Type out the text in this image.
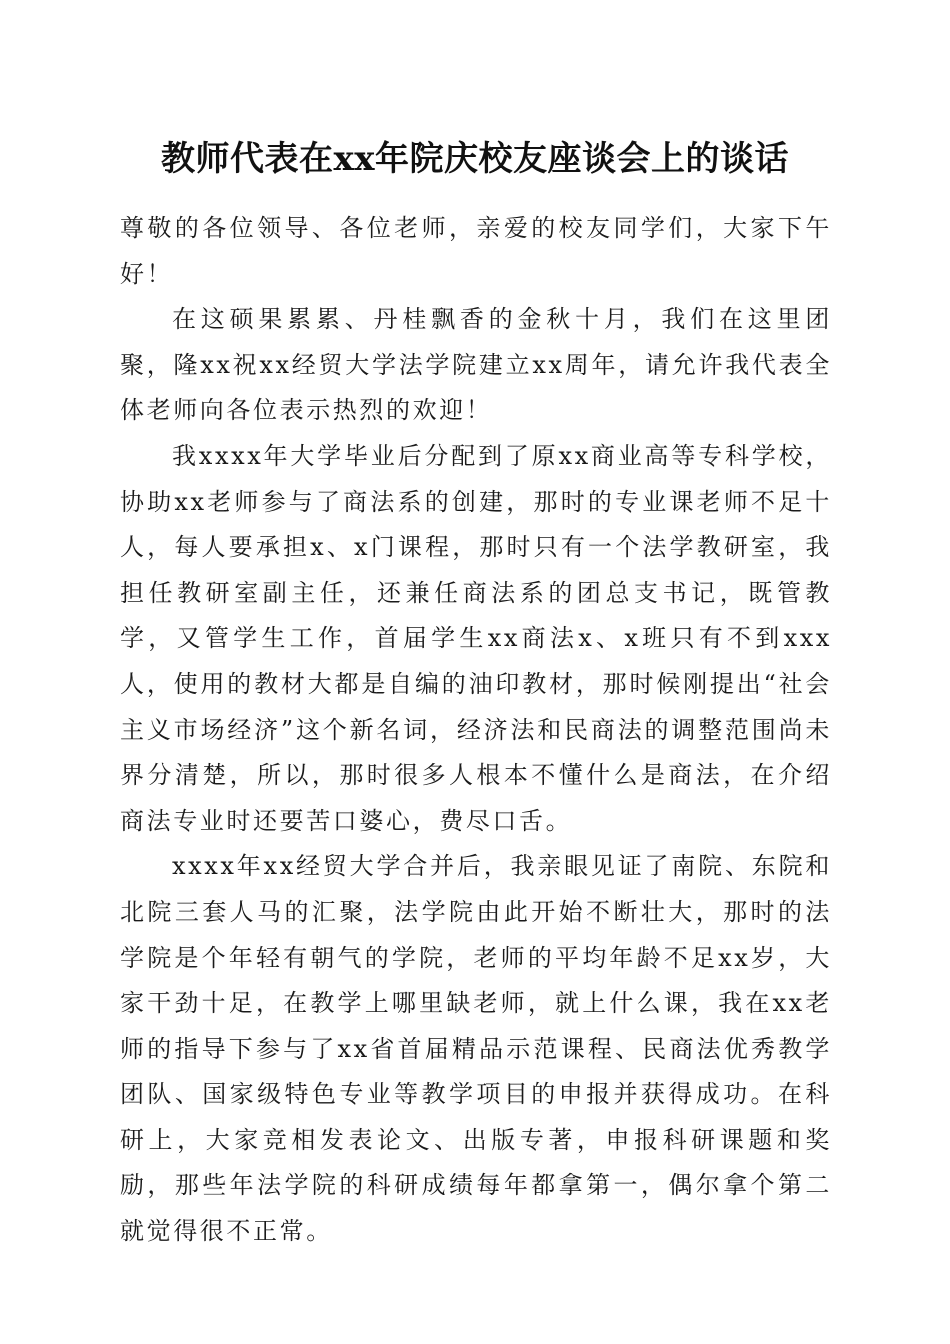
教师代表在xx年院庆校友座谈会上的谈话

尊敬的各位领导、各位老师，亲爱的校友同学们，大家下午好！

在这硕果累累、丹桂飘香的金秋十月，我们在这里团聚，隆xx祝xx经贸大学法学院建立xx周年，请允许我代表全体老师向各位表示热烈的欢迎！

我xxxx年大学毕业后分配到了原xx商业高等专科学校，协助xx老师参与了商法系的创建，那时的专业课老师不足十人，每人要承担x、x门课程，那时只有一个法学教研室，我担任教研室副主任，还兼任商法系的团总支书记，既管教学，又管学生工作，首届学生xx商法x、x班只有不到xxx人，使用的教材大都是自编的油印教材，那时候刚提出“社会主义市场经济”这个新名词，经济法和民商法的调整范围尚未界分清楚，所以，那时很多人根本不懂什么是商法，在介绍商法专业时还要苦口婆心，费尽口舌。

xxxx年xx经贸大学合并后，我亲眼见证了南院、东院和北院三套人马的汇聚，法学院由此开始不断壮大，那时的法学院是个年轻有朝气的学院，老师的平均年龄不足xx岁，大家干劲十足，在教学上哪里缺老师，就上什么课，我在xx老师的指导下参与了xx省首届精品示范课程、民商法优秀教学团队、国家级特色专业等教学项目的申报并获得成功。在科研上，大家竞相发表论文、出版专著，申报科研课题和奖励，那些年法学院的科研成绩每年都拿第一，偶尔拿个第二就觉得很不正常。
